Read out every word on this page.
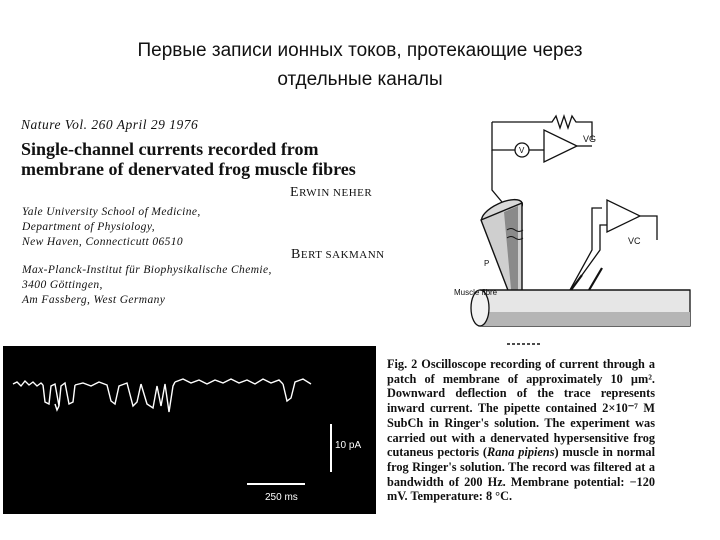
Первые записи ионных токов, протекающие через
отдельные каналы
Nature Vol. 260 April 29 1976
Single-channel currents recorded from
membrane of denervated frog muscle fibres
ERWIN NEHER
Yale University School of Medicine,
Department of Physiology,
New Haven, Connecticutt 06510
BERT SAKMANN
Max-Planck-Institut für Biophysikalische Chemie,
3400 Göttingen,
Am Fassberg, West Germany
VG
V
VC
P
Muscle fibre
10 pA
250 ms
Fig. 2 Oscilloscope recording of current through a patch of membrane of approximately 10 µm². Downward deflection of the trace represents inward current. The pipette contained 2×10⁻⁷ M SubCh in Ringer's solution. The experiment was carried out with a denervated hypersensitive frog cutaneus pectoris (Rana pipiens) muscle in normal frog Ringer's solution. The record was filtered at a bandwidth of 200 Hz. Membrane potential: −120 mV. Temperature: 8 °C.
